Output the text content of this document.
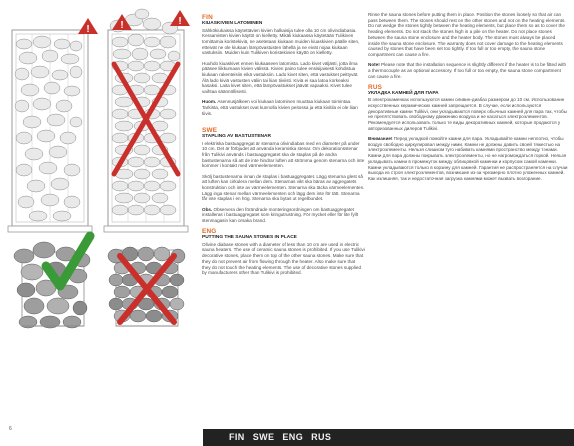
!	!	!	FIN
KIUASKIVIEN LATOMINEN

Sähkökiukaissa käytettävien kivien halkaisija tulee olla 10 cm olivindiabasia. Keraamisten kivien käyttö on kielletty. Mikäli kiukaassa käytetään Tulikiven tomittamia koristekiviä, ne asetetaan kiukaan muiden kiuaskivien päälle siten, etteivät ne ole kiukaan lämpövastusten lähellä ja ne eivät nojaa kiukaan vastuksiin. Muiden kuin Tulikiven koristekivien käyttö on kielletty.

Huuhdo kiuaskivet ennen kiukaaseen latomista. Lado kivet väljästi, jotta ilma pääsee liikkumaan kivien välissä. Kivien paino tulee ensisijaisesti kohdistua kiukaan rakenteisiin eikä vastuksiin. Lado kivet siten, että vastukset peittyvät. Älä lado kiviä vastusten väliin tai liian tiiviisti. Kiviä ei saa latoa korkeaksi kasaksi. Laita kivet siten, että lämpövastukset jäävät vapaaksi. Kivet tulee vaihtaa säännöllisesti.

Huom. Asennusjälkeen voi kiukaan latominen muuttaa kiukaan toimintaa. Tarkista, että vastukset ovat kunnolla kivien peitossa ja että kivitila ei ole liian tiivis.

SWE
STAPLING AV BASTUSTENAR

I elektriska bastuaggregat är stenarna olivindiabas med en diameter på under 10 cm. Det är förbjudet att använda keramiska stenar. Om dekorationsstenar från Tulikivi används i bastuaggregatet ska de staplas på de andra bastustenarna så att de inte hindrar luften att strömma genom stenarna och inte kommer i kontakt med värmeelementen.

Skölj bastustenarna innan de staplas i bastuaggregatet. Lägg stenarna glest så att luften kan cirkulera mellan dem. Stenarnas vikt ska bäras av aggregatets konstruktion och inte av värmeelementen. Stenarna ska täcka värmeelementen. Lägg inga stenar mellan värmeelementen och lägg dem inte för tätt. Stenarna får inte staplas i en hög. Stenarna ska bytas ut regelbundet.

Obs. Observera den förändrade monteringsordningen om bastuaggregatet installeras i bastuaggregatet som kringutrustning. För mycket eller för lite fyllt stenmagasin kan orsaka brand.

ENG
PUTTING THE SAUNA STONES IN PLACE

Olivine diabase stones with a diameter of less than 10 cm are used in electric sauna heaters. The use of ceramic sauna stones is prohibited. If you use Tulikivi decorative stones, place them on top of the other sauna stones. Make sure that they do not prevent air from flowing through the heater. Also make sure that they do not touch the heating elements. The use of decorative stones supplied by manufacturers other than Tulikivi is prohibited.

Rinse the sauna stones before putting them in place. Position the stones loosely so that air can pass between them. The stones should rest on the other stones and not on the heating elements. Do not wedge the stones tightly between the heating elements, but place them so as to cover the heating elements. Do not stack the stones high in a pile on the heater. Do not place stones between the sauna stone enclosure and the heater body. The stones must always be placed inside the sauna stone enclosure. The warranty does not cover damage to the heating elements caused by stones that have been set too tightly. If too full or too empty, the sauna stone compartment can cause a fire.

Note! Please note that the installation sequence is slightly different if the heater is to be fitted with a thermocouple as an optional accessory. If too full or too empty, the sauna stone compartment can cause a fire.

RUS
УКЛАДКА КАМНЕЙ ДЛЯ ПАРА

В электрокаменках используются камни оливин-диабаз размером до 10 см. Использование искусственных керамических камней запрещается. В случае, если используются декоративные камни Tulikivi, они укладываются поверх обычных камней для пара так, чтобы не препятствовать свободному движению воздуха и не касаться электроэлементов. Рекомендуется использовать только те виды декоративных камней, которые продаются у авторизованных дилеров Tulikivi.

Внимание! Перед укладкой помойте камни для пара. Укладывайте камни неплотно, чтобы воздух свободно циркулировал между ними. Камни не должны давить своей тяжестью на электроэлементы. Нельзя слишком туго набивать камнями пространство между тэнами. Камни для пара должны покрывать электроэлементы, но не нагромождаться горкой. Нельзя укладывать камни в промежуток между облицовкой каменки и корпусом самой каменки. Камни укладываются только в корзину для камней. Гарантия не распространяется на случаи выхода из строя электроэлементов, возникшие из-за чрезмерно плотно уложенных камней. Как излишняя, так и недостаточная загрузка камнями может вызвать возгорание.

6
FIN SWE ENG RUS
